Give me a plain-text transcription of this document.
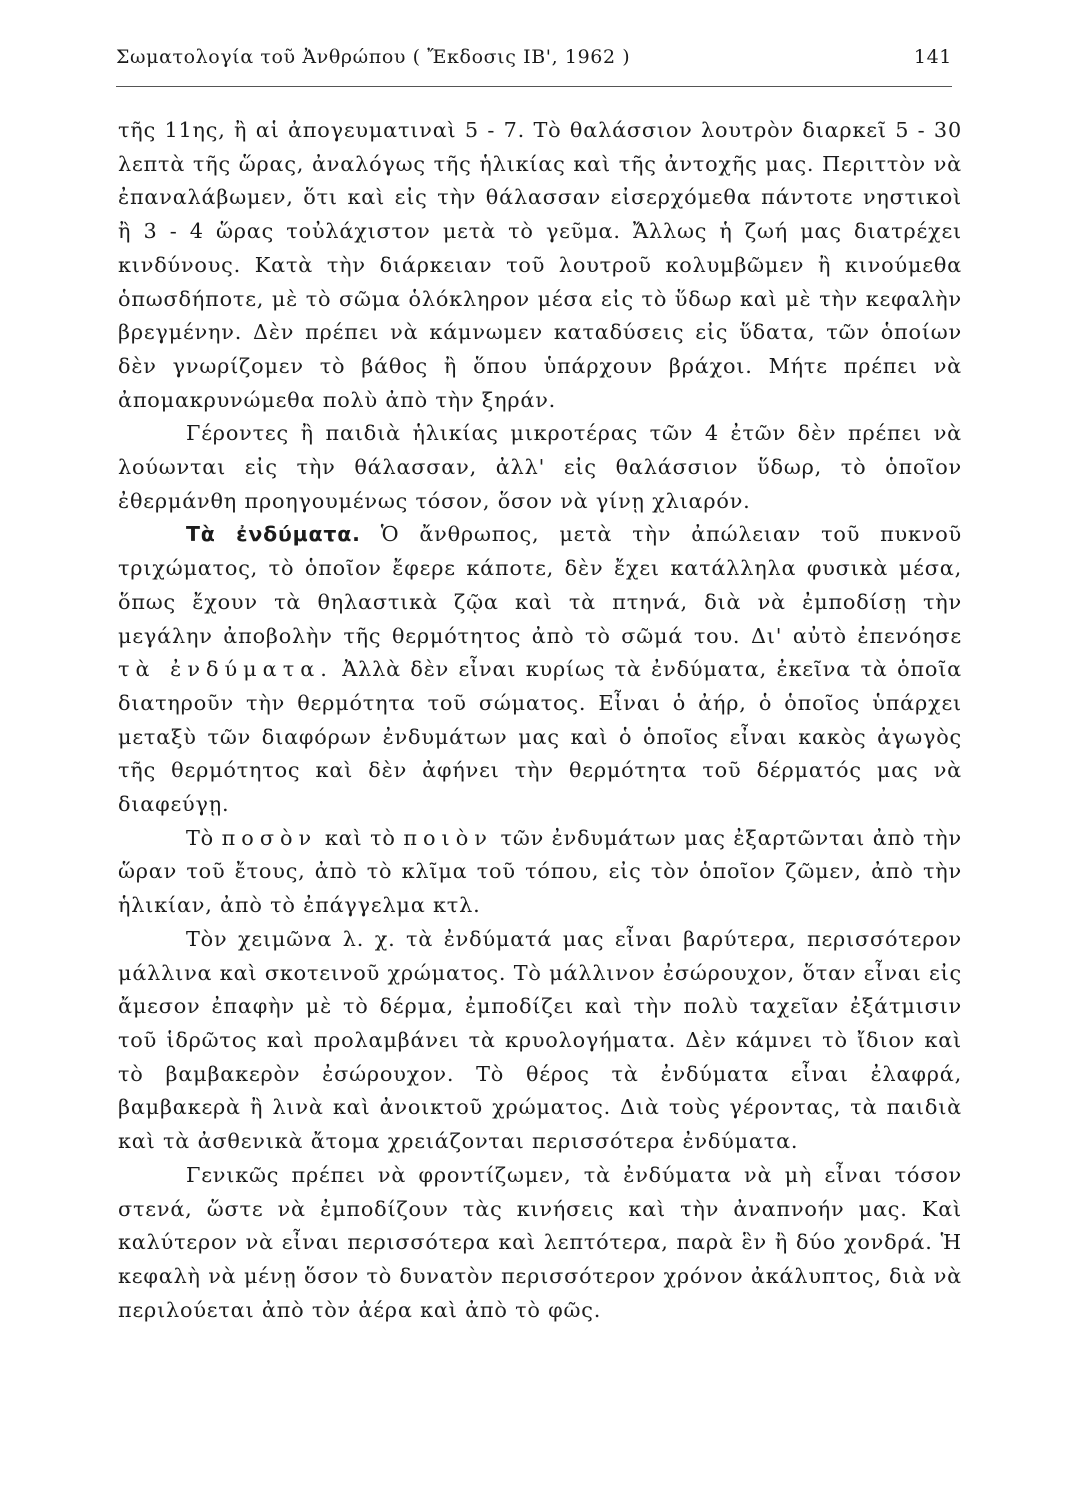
Σωματολογία τοῦ Ἀνθρώπου ( Ἔκδοσις ΙΒ', 1962 )	141

τῆς 11ης, ἢ αἱ ἀπογευματιναὶ 5 - 7. Τὸ θαλάσσιον λουτρὸν διαρκεῖ 5 - 30 λεπτὰ τῆς ὥρας, ἀναλόγως τῆς ἡλικίας καὶ τῆς ἀντοχῆς μας. Περιττὸν νὰ ἐπαναλάβωμεν, ὅτι καὶ εἰς τὴν θάλασσαν εἰσερχόμεθα πάντοτε νηστικοὶ ἢ 3 - 4 ὥρας τοὐλάχιστον μετὰ τὸ γεῦμα. Ἄλλως ἡ ζωή μας διατρέχει κινδύνους. Κατὰ τὴν διάρκειαν τοῦ λουτροῦ κολυμβῶμεν ἢ κινούμεθα ὁπωσδήποτε, μὲ τὸ σῶμα ὁλόκληρον μέσα εἰς τὸ ὕδωρ καὶ μὲ τὴν κεφαλὴν βρεγμένην. Δὲν πρέπει νὰ κάμνωμεν καταδύσεις εἰς ὕδατα, τῶν ὁποίων δὲν γνωρίζομεν τὸ βάθος ἢ ὅπου ὑπάρχουν βράχοι. Μήτε πρέπει νὰ ἀπομακρυνώμεθα πολὺ ἀπὸ τὴν ξηράν.

Γέροντες ἢ παιδιὰ ἡλικίας μικροτέρας τῶν 4 ἐτῶν δὲν πρέπει νὰ λούωνται εἰς τὴν θάλασσαν, ἀλλ' εἰς θαλάσσιον ὕδωρ, τὸ ὁποῖον ἐθερμάνθη προηγουμένως τόσον, ὅσον νὰ γίνῃ χλιαρόν.

Τὰ ἐνδύματα. Ὁ ἄνθρωπος, μετὰ τὴν ἀπώλειαν τοῦ πυκνοῦ τριχώματος, τὸ ὁποῖον ἔφερε κάποτε, δὲν ἔχει κατάλληλα φυσικὰ μέσα, ὅπως ἔχουν τὰ θηλαστικὰ ζῷα καὶ τὰ πτηνά, διὰ νὰ ἐμποδίσῃ τὴν μεγάλην ἀποβολὴν τῆς θερμότητος ἀπὸ τὸ σῶμά του. Δι' αὐτὸ ἐπενόησε τὰ ἐνδύματα. Ἀλλὰ δὲν εἶναι κυρίως τὰ ἐνδύματα, ἐκεῖνα τὰ ὁποῖα διατηροῦν τὴν θερμότητα τοῦ σώματος. Εἶναι ὁ ἀήρ, ὁ ὁποῖος ὑπάρχει μεταξὺ τῶν διαφόρων ἐνδυμάτων μας καὶ ὁ ὁποῖος εἶναι κακὸς ἀγωγὸς τῆς θερμότητος καὶ δὲν ἀφήνει τὴν θερμότητα τοῦ δέρματός μας νὰ διαφεύγῃ.

Τὸ ποσὸν καὶ τὸ ποιὸν τῶν ἐνδυμάτων μας ἐξαρτῶνται ἀπὸ τὴν ὥραν τοῦ ἔτους, ἀπὸ τὸ κλῖμα τοῦ τόπου, εἰς τὸν ὁποῖον ζῶμεν, ἀπὸ τὴν ἡλικίαν, ἀπὸ τὸ ἐπάγγελμα κτλ.

Τὸν χειμῶνα λ. χ. τὰ ἐνδύματά μας εἶναι βαρύτερα, περισσότερον μάλλινα καὶ σκοτεινοῦ χρώματος. Τὸ μάλλινον ἐσώρουχον, ὅταν εἶναι εἰς ἄμεσον ἐπαφὴν μὲ τὸ δέρμα, ἐμποδίζει καὶ τὴν πολὺ ταχεῖαν ἐξάτμισιν τοῦ ἱδρῶτος καὶ προλαμβάνει τὰ κρυολογήματα. Δὲν κάμνει τὸ ἴδιον καὶ τὸ βαμβακερὸν ἐσώρουχον. Τὸ θέρος τὰ ἐνδύματα εἶναι ἐλαφρά, βαμβακερὰ ἢ λινὰ καὶ ἀνοικτοῦ χρώματος. Διὰ τοὺς γέροντας, τὰ παιδιὰ καὶ τὰ ἀσθενικὰ ἄτομα χρειάζονται περισσότερα ἐνδύματα.

Γενικῶς πρέπει νὰ φροντίζωμεν, τὰ ἐνδύματα νὰ μὴ εἶναι τόσον στενά, ὥστε νὰ ἐμποδίζουν τὰς κινήσεις καὶ τὴν ἀναπνοήν μας. Καὶ καλύτερον νὰ εἶναι περισσότερα καὶ λεπτότερα, παρὰ ἓν ἢ δύο χονδρά. Ἡ κεφαλὴ νὰ μένῃ ὅσον τὸ δυνατὸν περισσότερον χρόνον ἀκάλυπτος, διὰ νὰ περιλούεται ἀπὸ τὸν ἀέρα καὶ ἀπὸ τὸ φῶς.
